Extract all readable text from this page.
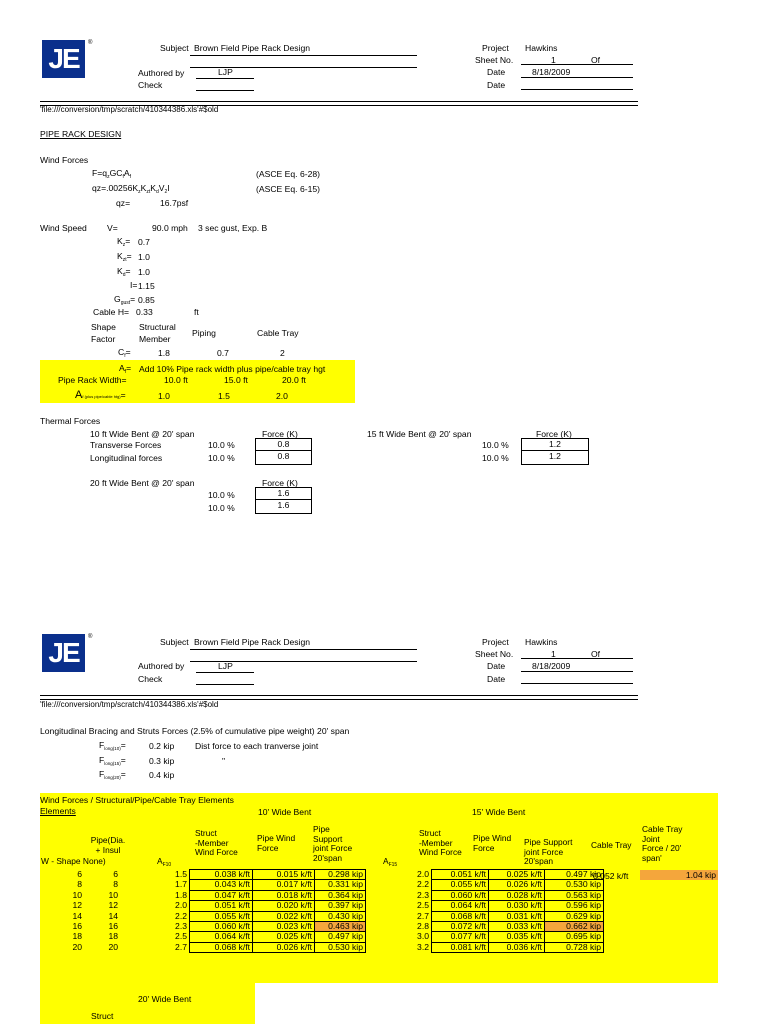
JE	®	Subject Brown Field Pipe Rack Design
Authored by	LJP
Check
Project Hawkins
Sheet No.	1	Of
Date	8/18/2009
Date
'file:///conversion/tmp/scratch/410344386.xls'#$old
PIPE RACK DESIGN
Wind Forces
$F=q_zGC_fA_f$	(ASCE Eq. 6-28)
$qz=.00256K_zK_{zt}K_dV_2I$	(ASCE Eq. 6-15)
qz=	16.7psf
Wind Speed V=	90.0 mph 3 sec gust, Exp. B
$K_z= 0.7$
$K_{zt}= 1.0$
$K_d= 1.0$
I= 1.15
$G_{gust}= 0.85$
Cable H= 0.33	ft
Shape
Factor
Structural
Member
Piping	Cable Tray
$C_f=$	1.8	0.7	2
$A_f=$ Add 10% Pipe rack width plus pipe/cable tray hgt
Pipe Rack Width=	10.0 ft	15.0 ft	20.0 ft
Af (plus pipe/cable htg)=	1.0	1.5	2.0
Thermal Forces
10 ft Wide Bent @ 20' span	Force (K)
Transverse Forces	10.0 %	0.8
Longitudinal forces	10.0 %	0.8
15 ft Wide Bent @ 20' span	Force (K)
10.0 %	1.2
10.0 %	1.2
20 ft Wide Bent @ 20' span	Force (K)
10.0 %	1.6
10.0 %	1.6
JE	®	Subject Brown Field Pipe Rack Design
Authored by	LJP
Check
Project Hawkins
Sheet No.	1	Of
Date	8/18/2009
Date
'file:///conversion/tmp/scratch/410344386.xls'#$old
Longitudinal Bracing and Struts Forces (2.5% of cumulative pipe weight) 20' span
$F_{long(10)}=$	0.2 kip Dist force to each tranverse joint
$F_{long(15)}=$	0.3 kip	"
$F_{long(20)}=$	0.4 kip
Wind Forces / Structural/Pipe/Cable Tray Elements
Elements	10' Wide Bent	15' Wide Bent
Pipe(Dia.
+ Insul
W - Shape None)	$A_{F10}$
Struct
-Member
Wind Force
Pipe Wind
Force
Pipe
Support
joint Force
20'span	$A_{F15}$
Struct
-Member
Wind Force
Pipe Wind
Force
Pipe Support
joint Force
20'span
Cable Tray
Cable Tray
Joint
Force / 20'
span'
6	6	1.5	0.038 k/ft	0.015 k/ft	0.298 kip	2.0	0.051 k/ft	0.025 k/ft	0.497 kip
8	8	1.7	0.043 k/ft	0.017 k/ft	0.331 kip	2.2	0.055 k/ft	0.026 k/ft	0.530 kip
10	10	1.8	0.047 k/ft	0.018 k/ft	0.364 kip	2.3	0.060 k/ft	0.028 k/ft	0.563 kip
12	12	2.0	0.051 k/ft	0.020 k/ft	0.397 kip	2.5	0.064 k/ft	0.030 k/ft	0.596 kip
14	14	2.2	0.055 k/ft	0.022 k/ft	0.430 kip	2.7	0.068 k/ft	0.031 k/ft	0.629 kip
16	16	2.3	0.060 k/ft	0.023 k/ft	0.463 kip	2.8	0.072 k/ft	0.033 k/ft	0.662 kip
18	18	2.5	0.064 k/ft	0.025 k/ft	0.497 kip	3.0	0.077 k/ft	0.035 k/ft	0.695 kip
20	20	2.7	0.068 k/ft	0.026 k/ft	0.530 kip	3.2	0.081 k/ft	0.036 k/ft	0.728 kip
0.052 k/ft	1.04 kip
20' Wide Bent
Struct
